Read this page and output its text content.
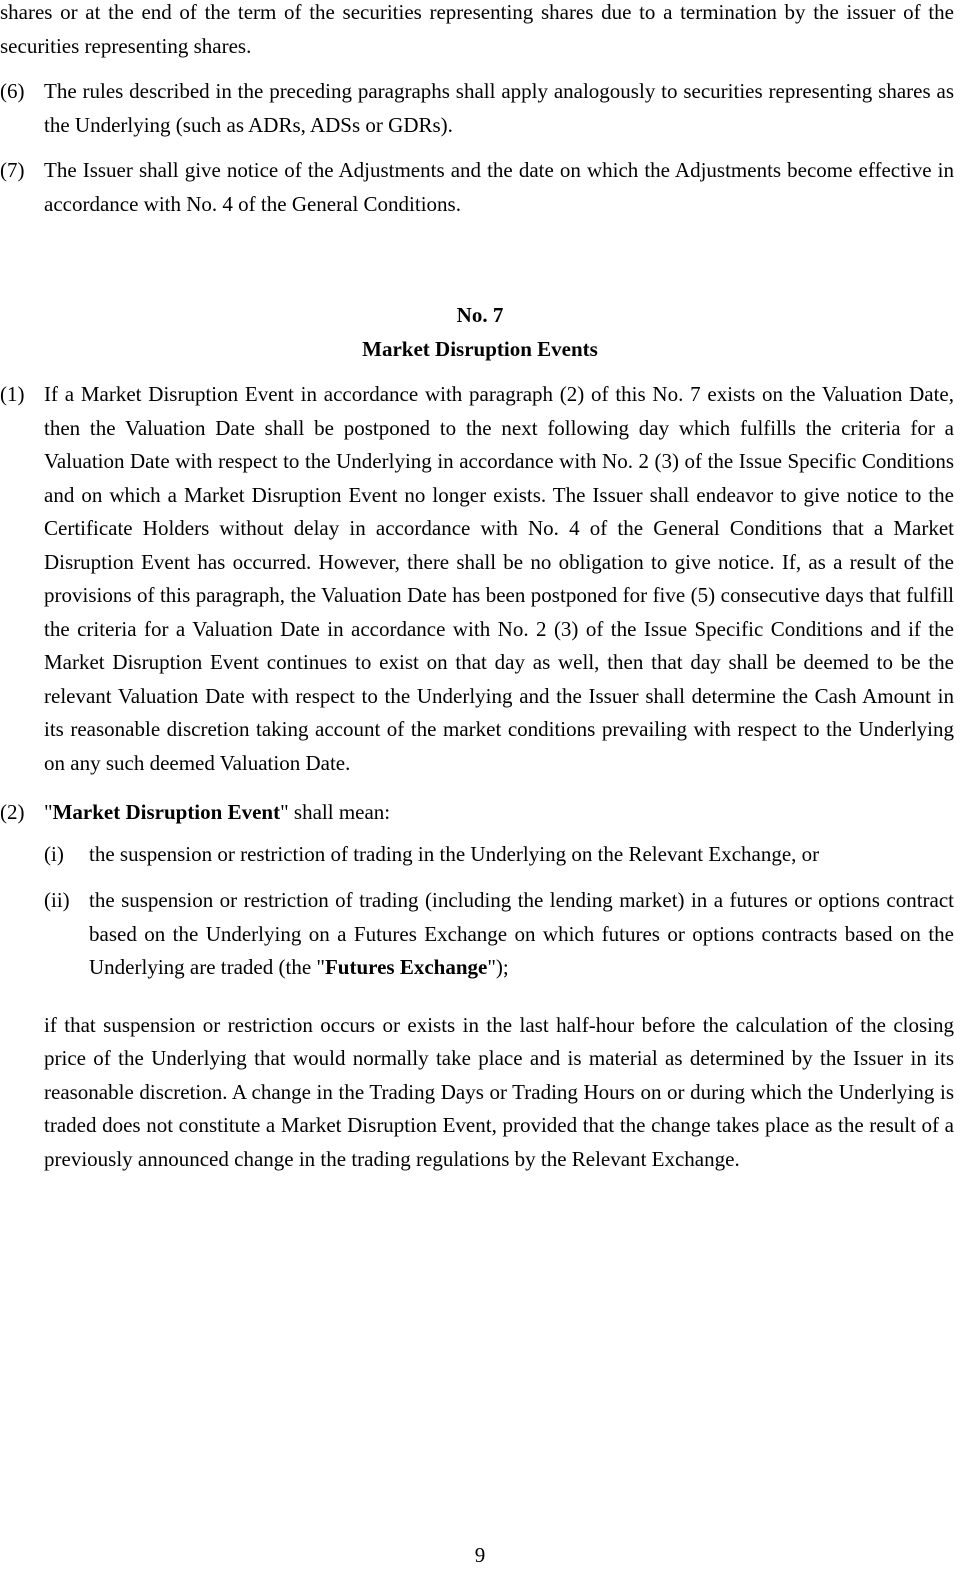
shares or at the end of the term of the securities representing shares due to a termination by the issuer of the securities representing shares.

(6) The rules described in the preceding paragraphs shall apply analogously to securities representing shares as the Underlying (such as ADRs, ADSs or GDRs).

(7) The Issuer shall give notice of the Adjustments and the date on which the Adjustments become effective in accordance with No. 4 of the General Conditions.

No. 7

Market Disruption Events

(1) If a Market Disruption Event in accordance with paragraph (2) of this No. 7 exists on the Valuation Date, then the Valuation Date shall be postponed to the next following day which fulfills the criteria for a Valuation Date with respect to the Underlying in accordance with No. 2 (3) of the Issue Specific Conditions and on which a Market Disruption Event no longer exists. The Issuer shall endeavor to give notice to the Certificate Holders without delay in accordance with No. 4 of the General Conditions that a Market Disruption Event has occurred. However, there shall be no obligation to give notice. If, as a result of the provisions of this paragraph, the Valuation Date has been postponed for five (5) consecutive days that fulfill the criteria for a Valuation Date in accordance with No. 2 (3) of the Issue Specific Conditions and if the Market Disruption Event continues to exist on that day as well, then that day shall be deemed to be the relevant Valuation Date with respect to the Underlying and the Issuer shall determine the Cash Amount in its reasonable discretion taking account of the market conditions prevailing with respect to the Underlying on any such deemed Valuation Date.

(2) "Market Disruption Event" shall mean:

(i) the suspension or restriction of trading in the Underlying on the Relevant Exchange, or

(ii) the suspension or restriction of trading (including the lending market) in a futures or options contract based on the Underlying on a Futures Exchange on which futures or options contracts based on the Underlying are traded (the "Futures Exchange");

if that suspension or restriction occurs or exists in the last half-hour before the calculation of the closing price of the Underlying that would normally take place and is material as determined by the Issuer in its reasonable discretion. A change in the Trading Days or Trading Hours on or during which the Underlying is traded does not constitute a Market Disruption Event, provided that the change takes place as the result of a previously announced change in the trading regulations by the Relevant Exchange.

9
